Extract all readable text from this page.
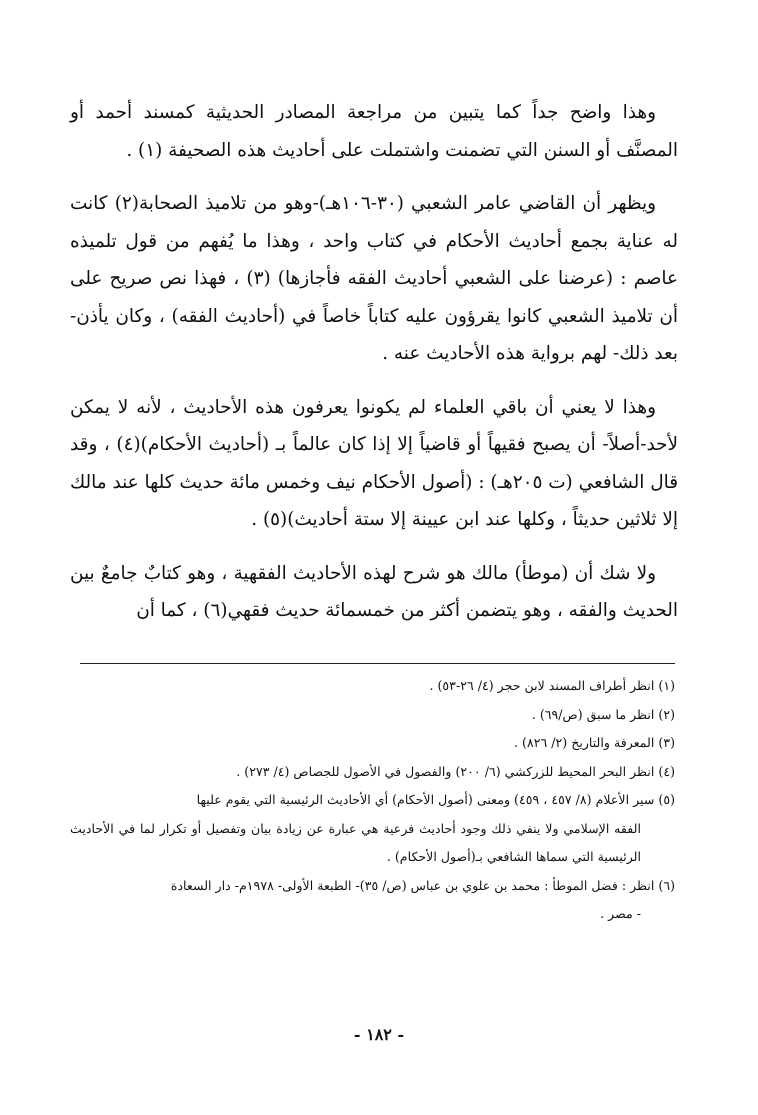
وهذا واضح جداً كما يتبين من مراجعة المصادر الحديثية كمسند أحمد أو المصنَّف أو السنن التي تضمنت واشتملت على أحاديث هذه الصحيفة (١) .

ويظهر أن القاضي عامر الشعبي (٣٠-١٠٦هـ)-وهو من تلاميذ الصحابة(٢) كانت له عناية بجمع أحاديث الأحكام في كتاب واحد ، وهذا ما يُفهم من قول تلميذه عاصم : (عرضنا على الشعبي أحاديث الفقه فأجازها) (٣) ، فهذا نص صريح على أن تلاميذ الشعبي كانوا يقرؤون عليه كتاباً خاصاً في (أحاديث الفقه) ، وكان يأذن- بعد ذلك- لهم برواية هذه الأحاديث عنه .

وهذا لا يعني أن باقي العلماء لم يكونوا يعرفون هذه الأحاديث ، لأنه لا يمكن لأحد-أصلاً- أن يصبح فقيهاً أو قاضياً إلا إذا كان عالماً بـ (أحاديث الأحكام)(٤) ، وقد قال الشافعي (ت ٢٠٥هـ) : (أصول الأحكام نيف وخمس مائة حديث كلها عند مالك إلا ثلاثين حديثاً ، وكلها عند ابن عيينة إلا ستة أحاديث)(٥) .

ولا شك أن (موطأ) مالك هو شرح لهذه الأحاديث الفقهية ، وهو كتابٌ جامعٌ بين الحديث والفقه ، وهو يتضمن أكثر من خمسمائة حديث فقهي(٦) ، كما أن

(١) انظر أطراف المسند لابن حجر (٤/ ٢٦-٥٣) .

(٢) انظر ما سبق (ص/٦٩) .

(٣) المعرفة والتاريخ (٢/ ٨٢٦) .

(٤) انظر البحر المحيط للزركشي (٦/ ٢٠٠) والفصول في الأصول للجصاص (٤/ ٢٧٣) .

(٥) سير الأعلام (٨/ ٤٥٧ ، ٤٥٩) ومعنى (أصول الأحكام) أي الأحاديث الرئيسية التي يقوم عليها

الفقه الإسلامي ولا ينفي ذلك وجود أحاديث فرعية هي عبارة عن زيادة بيان وتفصيل أو تكرار لما في الأحاديث الرئيسية التي سماها الشافعي بـ(أصول الأحكام) .

(٦) انظر : فضل الموطأ : محمد بن علوي بن عباس (ص/ ٣٥)- الطبعة الأولى- ١٩٧٨م- دار السعادة

- مصر .

- ١٨٢ -
